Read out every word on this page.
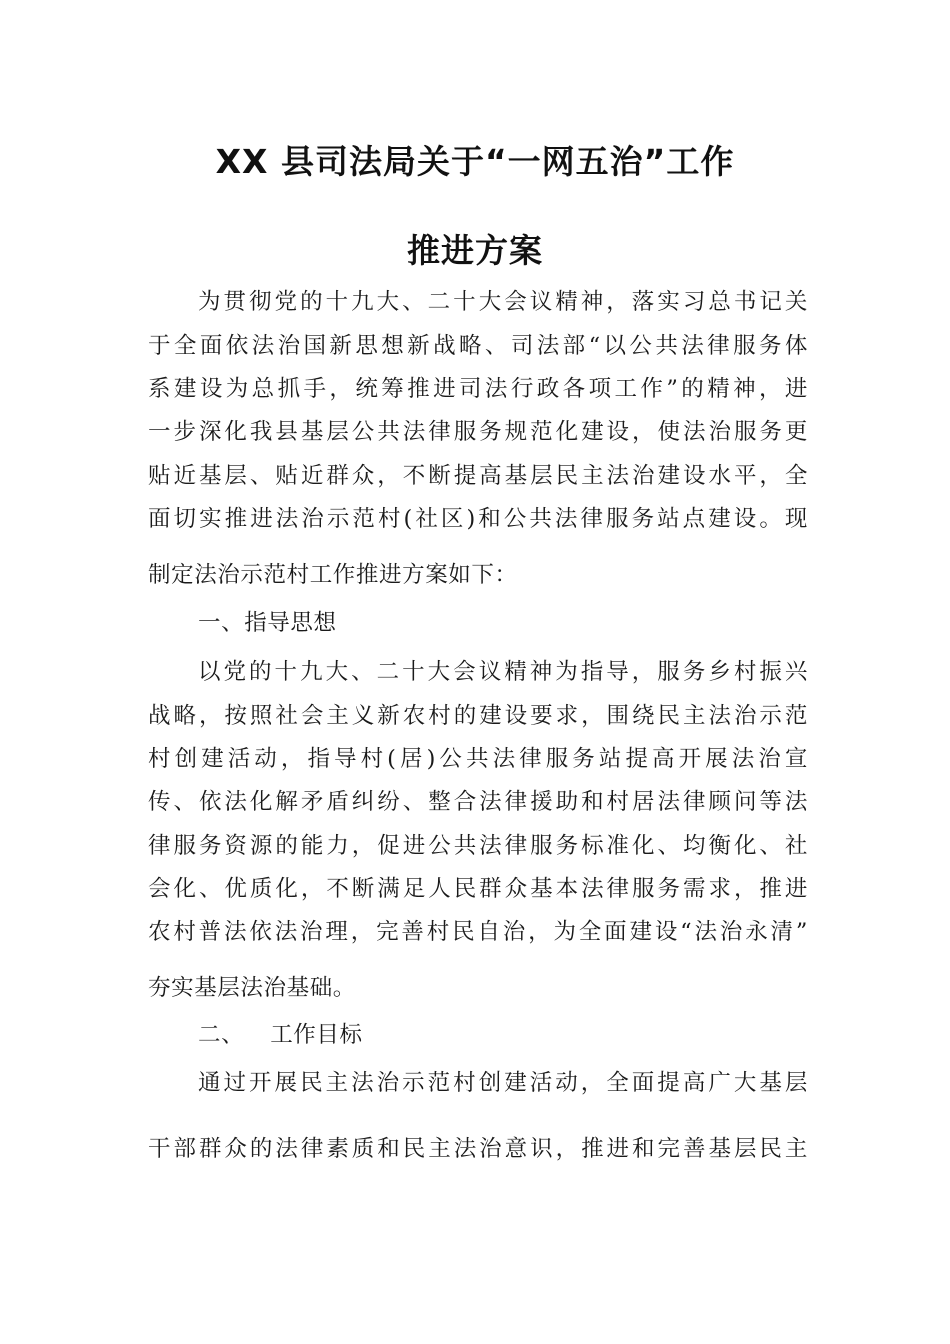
XX 县司法局关于“一网五治”工作
推进方案
为贯彻党的十九大、二十大会议精神，落实习总书记关
于全面依法治国新思想新战略、司法部“以公共法律服务体
系建设为总抓手，统筹推进司法行政各项工作”的精神，进
一步深化我县基层公共法律服务规范化建设，使法治服务更
贴近基层、贴近群众，不断提高基层民主法治建设水平，全
面切实推进法治示范村(社区)和公共法律服务站点建设。现
制定法治示范村工作推进方案如下：
一、指导思想
以党的十九大、二十大会议精神为指导，服务乡村振兴
战略，按照社会主义新农村的建设要求，围绕民主法治示范
村创建活动，指导村(居)公共法律服务站提高开展法治宣
传、依法化解矛盾纠纷、整合法律援助和村居法律顾问等法
律服务资源的能力，促进公共法律服务标准化、均衡化、社
会化、优质化，不断满足人民群众基本法律服务需求，推进
农村普法依法治理，完善村民自治，为全面建设“法治永清”
夯实基层法治基础。
二、 工作目标
通过开展民主法治示范村创建活动，全面提高广大基层
干部群众的法律素质和民主法治意识，推进和完善基层民主
